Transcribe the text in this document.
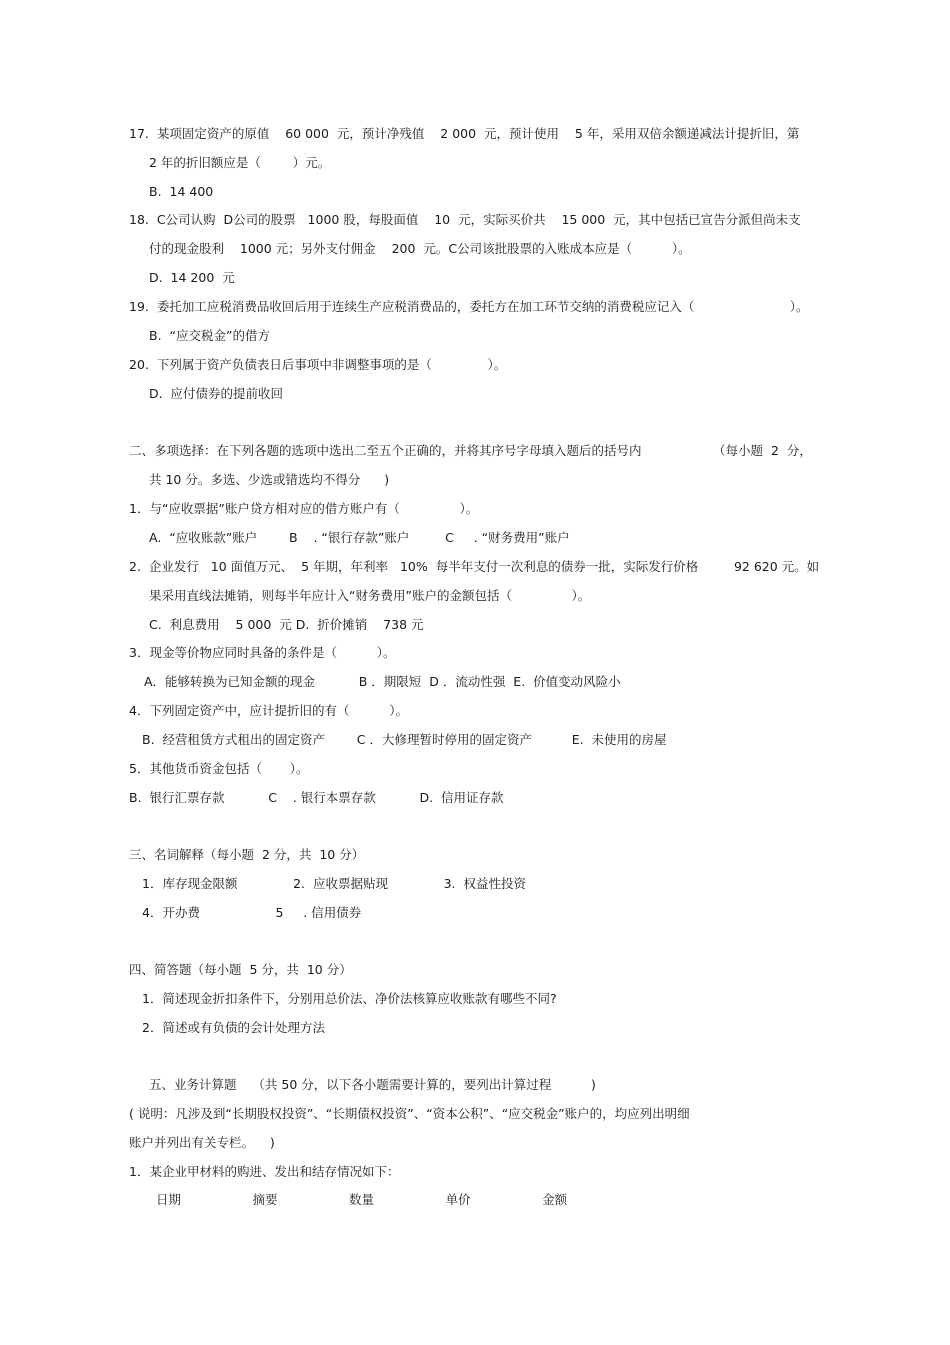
17.  某项固定资产的原值    60 000  元，预计净残值    2 000  元，预计使用    5 年，采用双倍余额递减法计提折旧，第
2 年的折旧额应是（        ）元。
B.  14 400
18.  C公司认购  D公司的股票   1000 股，每股面值    10  元，实际买价共    15 000  元，其中包括已宣告分派但尚未支
付的现金股利    1000 元；另外支付佣金    200  元。C公司该批股票的入账成本应是（          ）。
D.  14 200  元
19.  委托加工应税消费品收回后用于连续生产应税消费品的，委托方在加工环节交纳的消费税应记入（                        ）。
B.  “应交税金”的借方
20.  下列属于资产负债表日后事项中非调整事项的是（              ）。
D.  应付债券的提前收回
二、多项选择：在下列各题的选项中选出二至五个正确的，并将其序号字母填入题后的括号内                  （每小题  2  分，
共 10 分。多选、少选或错选均不得分      )
1．与“应收票据”账户贷方相对应的借方账户有（               ）。
A.  “应收账款”账户        B    . “银行存款”账户         C     . “财务费用”账户
2.  企业发行   10 面值万元、  5 年期，年利率   10%  每半年支付一次利息的债券一批，实际发行价格         92 620 元。如
果采用直线法摊销，则每半年应计入“财务费用”账户的金额包括（               ）。
C.  利息费用    5 000  元 D.  折价摊销    738 元
3．现金等价物应同时具备的条件是（          ）。
A．能够转换为已知金额的现金           B ．期限短  D ．流动性强  E.  价值变动风险小
4．下列固定资产中，应计提折旧的有（          ）。
B.  经营租赁方式租出的固定资产        C ．大修理暂时停用的固定资产          E.  未使用的房屋
5．其他货币资金包括（       ）。
B.  银行汇票存款           C    . 银行本票存款           D.  信用证存款
三、名词解释（每小题  2 分，共  10 分）
1．库存现金限额              2.  应收票据贴现              3.  权益性投资
4．开办费                   5     . 信用债券
四、简答题（每小题  5 分，共  10 分）
1．简述现金折扣条件下，分别用总价法、净价法核算应收账款有哪些不同?
2．简述或有负债的会计处理方法
五、业务计算题    （共 50 分，以下各小题需要计算的，要列出计算过程          )
( 说明：凡涉及到“长期股权投资”、“长期债权投资”、“资本公积”、“应交税金”账户的，均应列出明细
账户并列出有关专栏。    )
1．某企业甲材料的购进、发出和结存情况如下：
日期                  摘要                  数量                  单价                  金额
